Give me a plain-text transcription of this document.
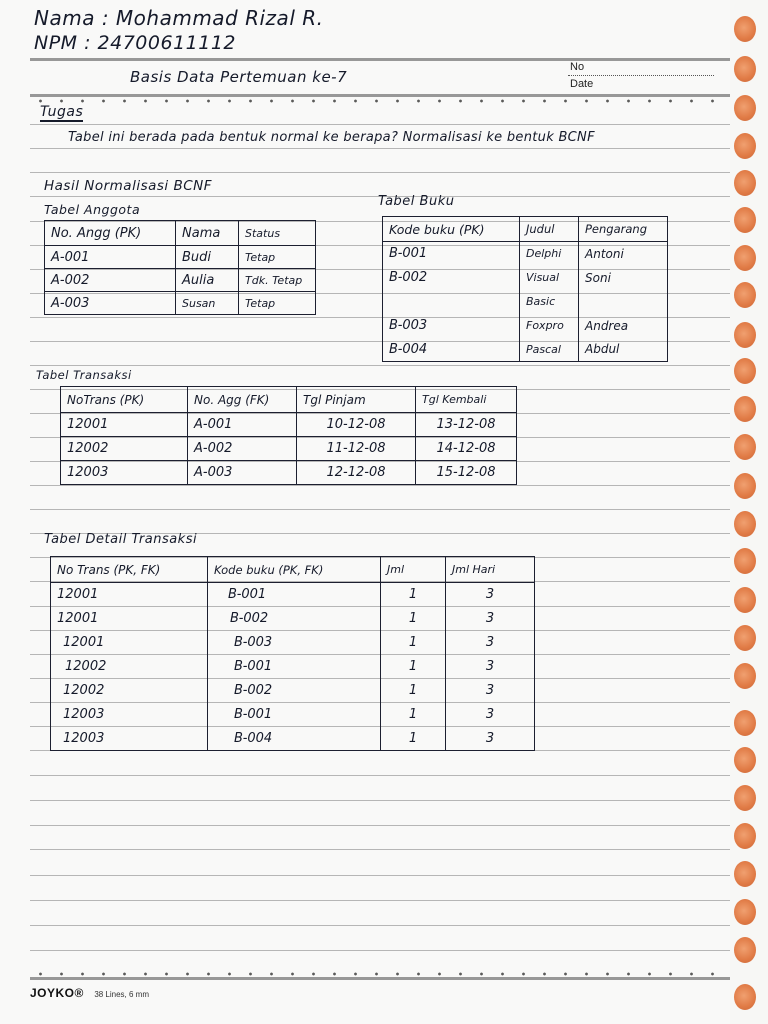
Nama : Mohammad Rizal R.
NPM : 24700611112
Basis Data Pertemuan ke-7
No
Date
Tugas
Tabel ini berada pada bentuk normal ke berapa? Normalisasi ke bentuk BCNF
Hasil Normalisasi BCNF
Tabel Anggota
No. Angg (PK)	Nama	Status
A-001	Budi	Tetap
A-002	Aulia	Tdk. Tetap
A-003	Susan	Tetap
Tabel Buku
Kode buku (PK)	Judul	Pengarang
B-001	Delphi	Antoni
B-002	Visual	Soni
	Basic	
B-003	Foxpro	Andrea
B-004	Pascal	Abdul
Tabel Transaksi
NoTrans (PK)	No. Agg (FK)	Tgl Pinjam	Tgl Kembali
12001	A-001	10-12-08	13-12-08
12002	A-002	11-12-08	14-12-08
12003	A-003	12-12-08	15-12-08
Tabel Detail Transaksi
No Trans (PK, FK)	Kode buku (PK, FK)	Jml	Jml Hari
12001	B-001	1	3
12001	B-002	1	3
12001	B-003	1	3
12002	B-001	1	3
12002	B-002	1	3
12003	B-001	1	3
12003	B-004	1	3
JOYKO® 38 Lines, 6 mm
